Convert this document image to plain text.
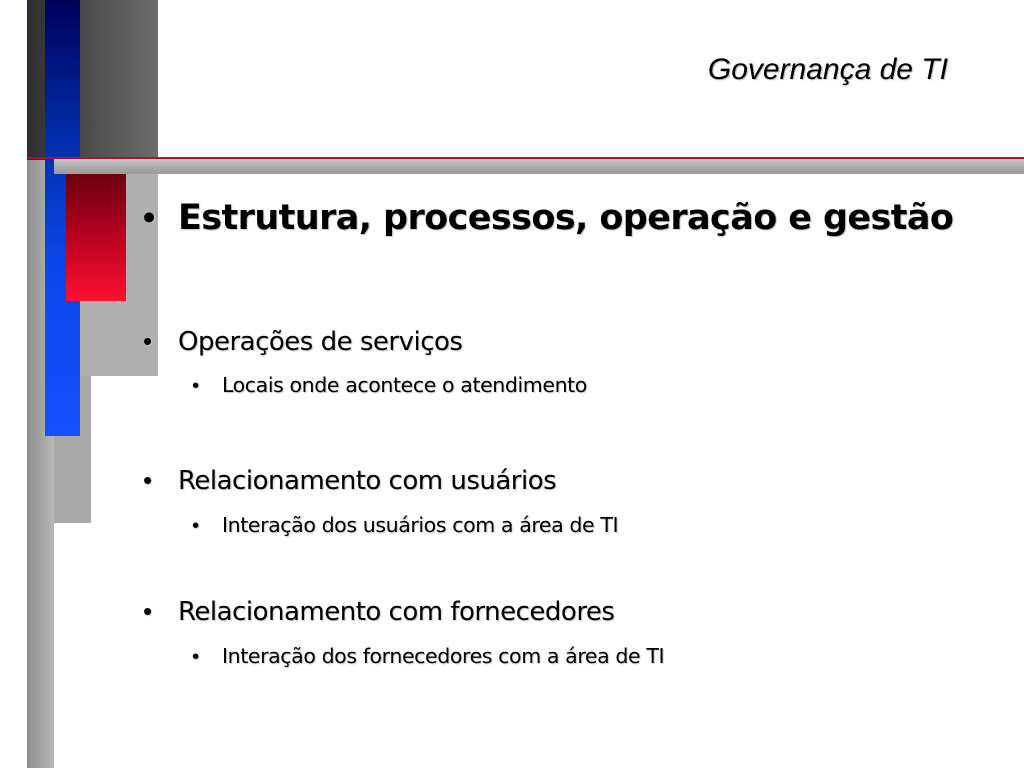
Governança de TI
• Estrutura, processos, operação e gestão
•	Operações de serviços
•	Locais onde acontece o atendimento
•	Relacionamento com usuários
•	Interação dos usuários com a área de TI
•	Relacionamento com fornecedores
•	Interação dos fornecedores com a área de TI
